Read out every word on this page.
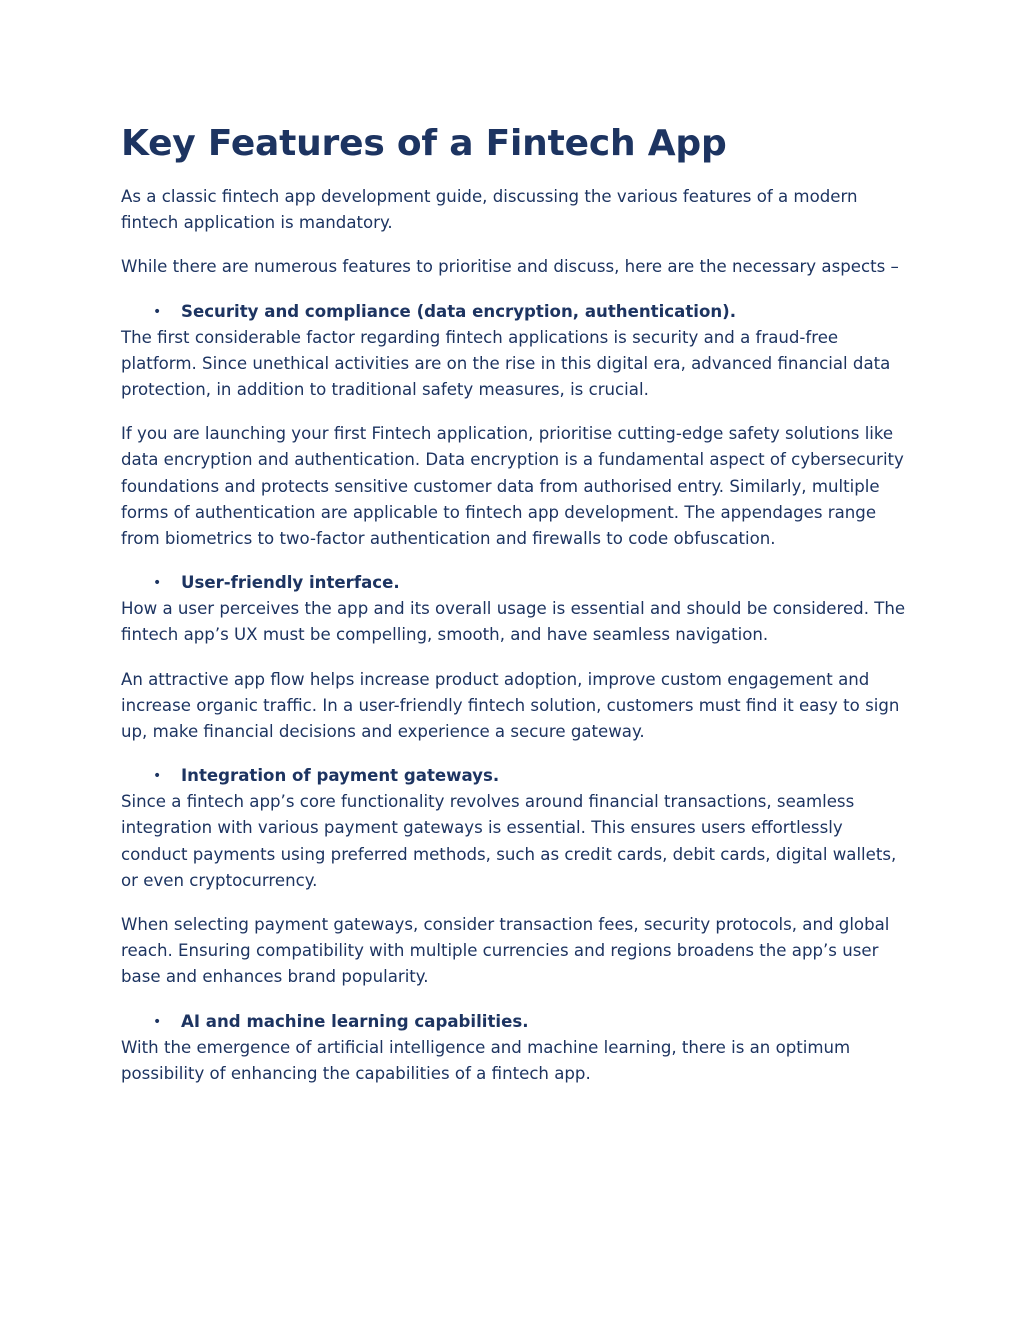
Key Features of a Fintech App

As a classic fintech app development guide, discussing the various features of a modern fintech application is mandatory.

While there are numerous features to prioritise and discuss, here are the necessary aspects –

•	Security and compliance (data encryption, authentication).

The first considerable factor regarding fintech applications is security and a fraud-free platform. Since unethical activities are on the rise in this digital era, advanced financial data protection, in addition to traditional safety measures, is crucial.

If you are launching your first Fintech application, prioritise cutting-edge safety solutions like data encryption and authentication. Data encryption is a fundamental aspect of cybersecurity foundations and protects sensitive customer data from authorised entry. Similarly, multiple forms of authentication are applicable to fintech app development. The appendages range from biometrics to two-factor authentication and firewalls to code obfuscation.

•	User-friendly interface.

How a user perceives the app and its overall usage is essential and should be considered. The fintech app’s UX must be compelling, smooth, and have seamless navigation.

An attractive app flow helps increase product adoption, improve custom engagement and increase organic traffic. In a user-friendly fintech solution, customers must find it easy to sign up, make financial decisions and experience a secure gateway.

•	Integration of payment gateways.

Since a fintech app’s core functionality revolves around financial transactions, seamless integration with various payment gateways is essential. This ensures users effortlessly conduct payments using preferred methods, such as credit cards, debit cards, digital wallets, or even cryptocurrency.

When selecting payment gateways, consider transaction fees, security protocols, and global reach. Ensuring compatibility with multiple currencies and regions broadens the app’s user base and enhances brand popularity.

•	AI and machine learning capabilities.

With the emergence of artificial intelligence and machine learning, there is an optimum possibility of enhancing the capabilities of a fintech app.
